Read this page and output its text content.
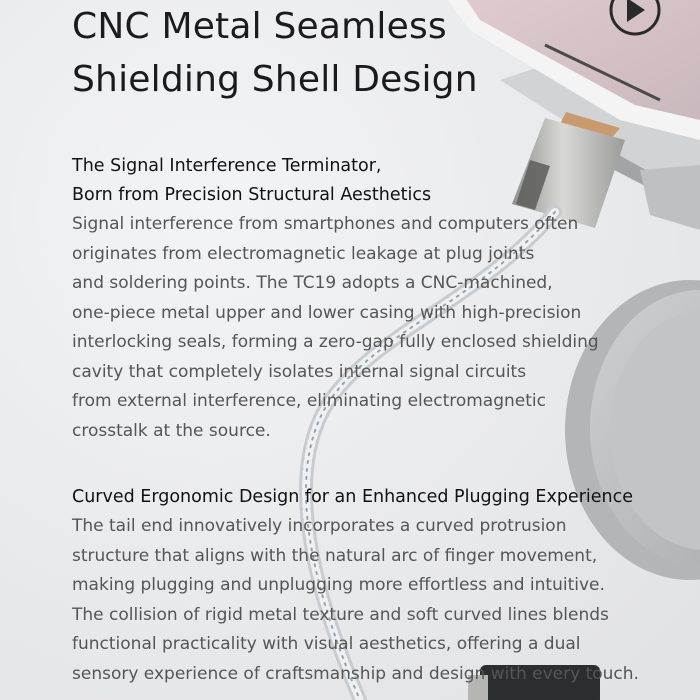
CNC Metal Seamless
Shielding Shell Design
The Signal Interference Terminator,
Born from Precision Structural Aesthetics

Signal interference from smartphones and computers often
originates from electromagnetic leakage at plug joints
and soldering points. The TC19 adopts a CNC-machined,
one-piece metal upper and lower casing with high-precision
interlocking seals, forming a zero-gap fully enclosed shielding
cavity that completely isolates internal signal circuits
from external interference, eliminating electromagnetic
crosstalk at the source.

Curved Ergonomic Design for an Enhanced Plugging Experience

The tail end innovatively incorporates a curved protrusion
structure that aligns with the natural arc of finger movement,
making plugging and unplugging more effortless and intuitive.
The collision of rigid metal texture and soft curved lines blends
functional practicality with visual aesthetics, offering a dual
sensory experience of craftsmanship and design with every touch.
